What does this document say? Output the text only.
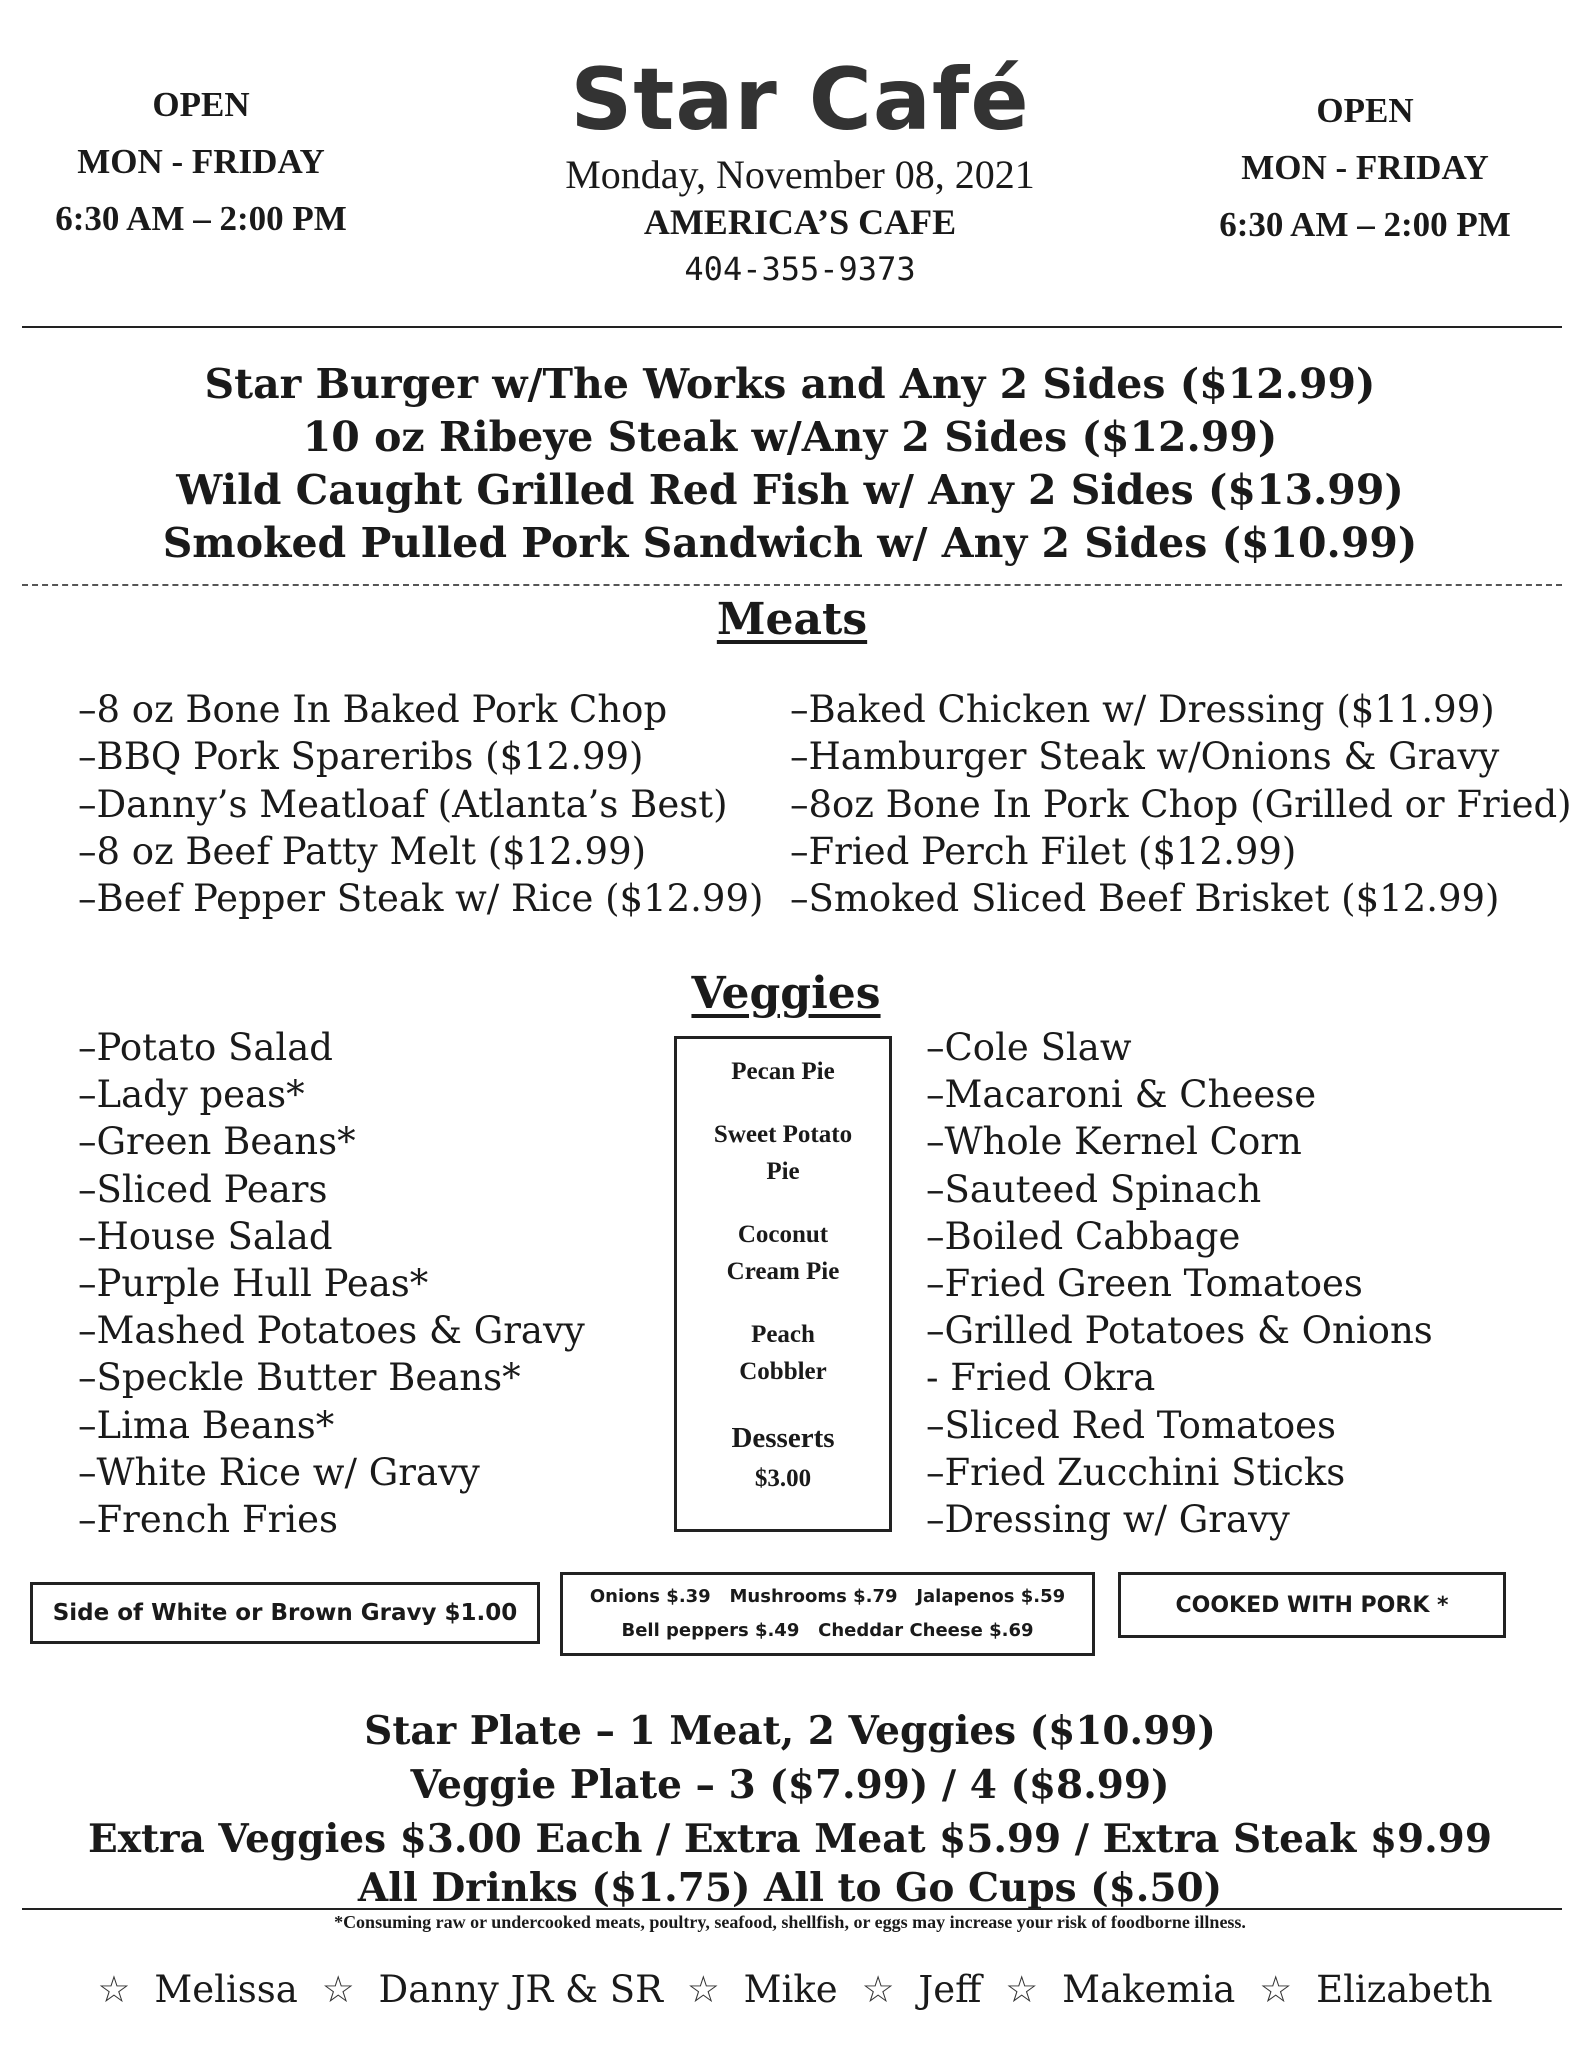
OPEN
MON - FRIDAY
6:30 AM – 2:00 PM
Star Café
Monday, November 08, 2021
AMERICA’S CAFE
404-355-9373
OPEN
MON - FRIDAY
6:30 AM – 2:00 PM
Star Burger w/The Works and Any 2 Sides ($12.99)
10 oz Ribeye Steak w/Any 2 Sides ($12.99)
Wild Caught Grilled Red Fish w/ Any 2 Sides ($13.99)
Smoked Pulled Pork Sandwich w/ Any 2 Sides ($10.99)
Meats
–8 oz Bone In Baked Pork Chop
–BBQ Pork Spareribs ($12.99)
–Danny’s Meatloaf (Atlanta’s Best)
–8 oz Beef Patty Melt ($12.99)
–Beef Pepper Steak w/ Rice ($12.99)
–Baked Chicken w/ Dressing ($11.99)
–Hamburger Steak w/Onions & Gravy
–8oz Bone In Pork Chop (Grilled or Fried)
–Fried Perch Filet ($12.99)
–Smoked Sliced Beef Brisket ($12.99)
Veggies
–Potato Salad
–Lady peas*
–Green Beans*
–Sliced Pears
–House Salad
–Purple Hull Peas*
–Mashed Potatoes & Gravy
–Speckle Butter Beans*
–Lima Beans*
–White Rice w/ Gravy
–French Fries
Pecan Pie
Sweet Potato
Pie
Coconut
Cream Pie
Peach
Cobbler
Desserts
$3.00
–Cole Slaw
–Macaroni & Cheese
–Whole Kernel Corn
–Sauteed Spinach
–Boiled Cabbage
–Fried Green Tomatoes
–Grilled Potatoes & Onions
- Fried Okra
–Sliced Red Tomatoes
–Fried Zucchini Sticks
–Dressing w/ Gravy
Side of White or Brown Gravy $1.00
Onions $.39   Mushrooms $.79   Jalapenos $.59
Bell peppers $.49   Cheddar Cheese $.69
COOKED WITH PORK *
Star Plate – 1 Meat, 2 Veggies ($10.99)
Veggie Plate – 3 ($7.99) / 4 ($8.99)
Extra Veggies $3.00 Each / Extra Meat $5.99 / Extra Steak $9.99
All Drinks ($1.75) All to Go Cups ($.50)
*Consuming raw or undercooked meats, poultry, seafood, shellfish, or eggs may increase your risk of foodborne illness.
☆ Melissa ☆ Danny JR & SR ☆ Mike ☆ Jeff ☆ Makemia ☆ Elizabeth
